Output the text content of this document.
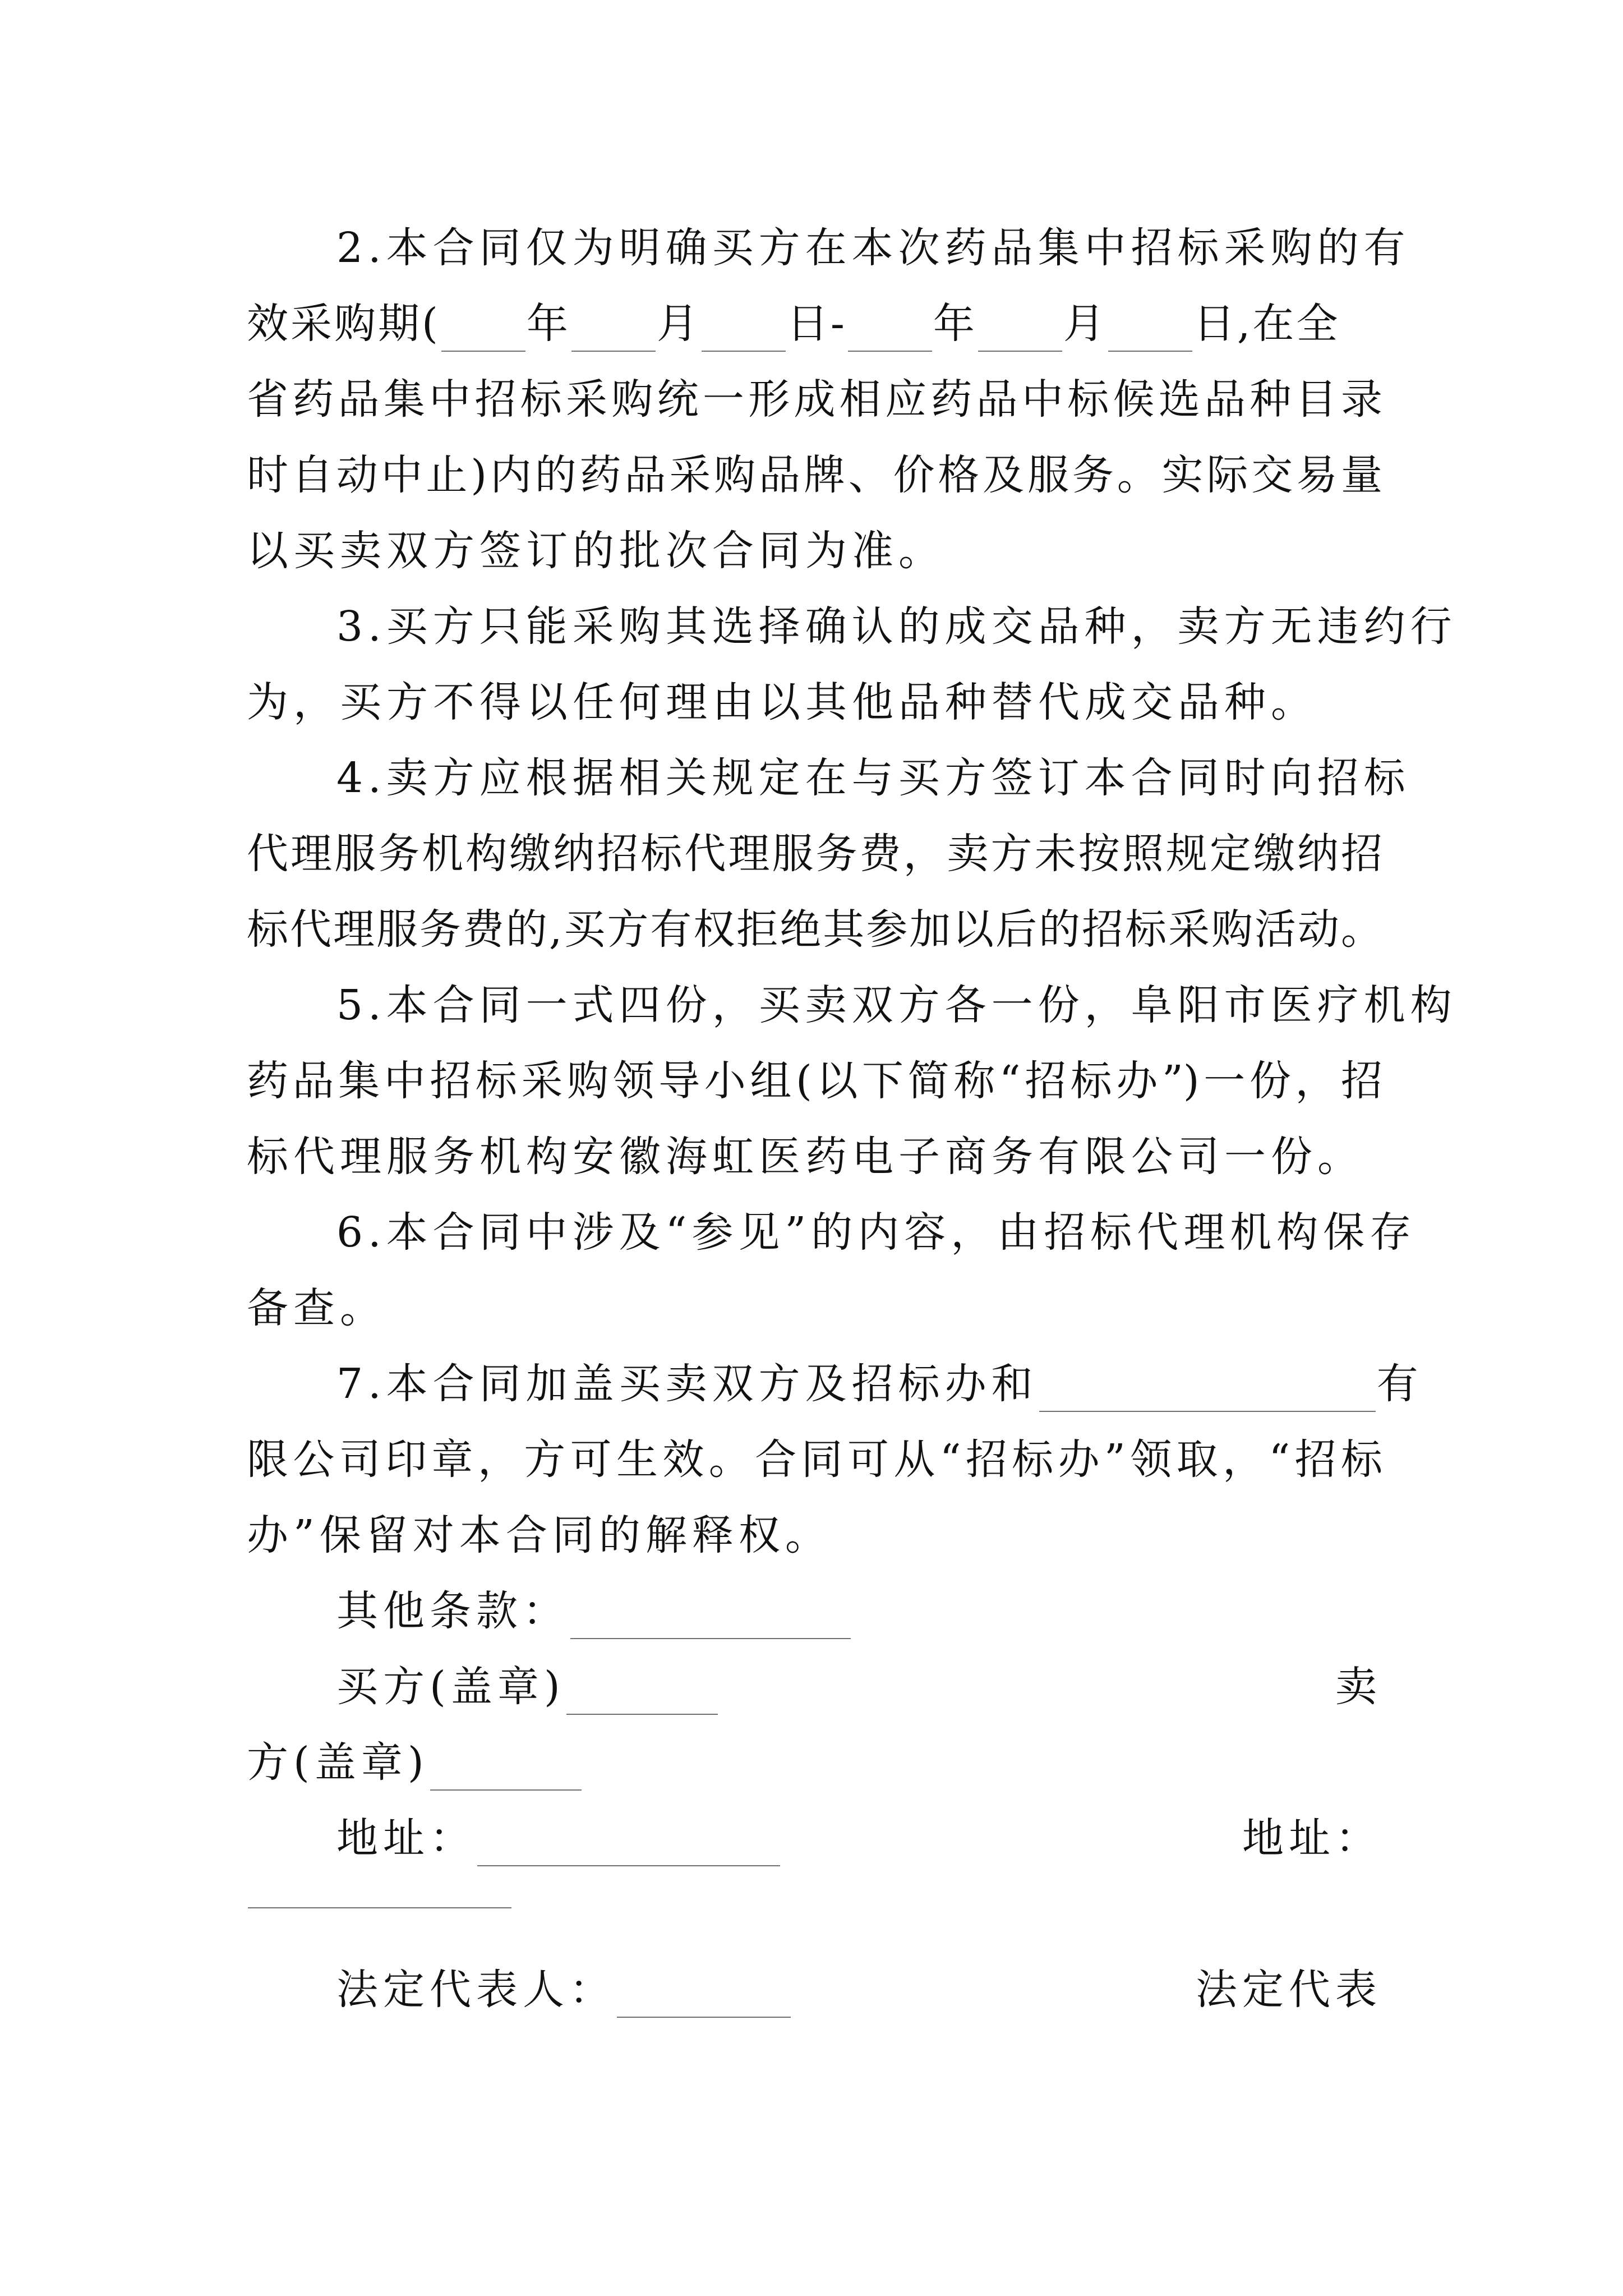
2.本合同仅为明确买方在本次药品集中招标采购的有
效采购期( 年 月 日- 年 月 日,在全
省药品集中招标采购统一形成相应药品中标候选品种目录
时自动中止)内的药品采购品牌、价格及服务。实际交易量
以买卖双方签订的批次合同为准。
3.买方只能采购其选择确认的成交品种，卖方无违约行
为，买方不得以任何理由以其他品种替代成交品种。
4.卖方应根据相关规定在与买方签订本合同时向招标
代理服务机构缴纳招标代理服务费，卖方未按照规定缴纳招
标代理服务费的,买方有权拒绝其参加以后的招标采购活动。
5.本合同一式四份，买卖双方各一份，阜阳市医疗机构
药品集中招标采购领导小组(以下简称“招标办”)一份，招
标代理服务机构安徽海虹医药电子商务有限公司一份。
6.本合同中涉及“参见”的内容，由招标代理机构保存
备查。
7.本合同加盖买卖双方及招标办和	有
限公司印章，方可生效。合同可从“招标办”领取，“招标
办”保留对本合同的解释权。
其他条款：
买方(盖章)	卖
方(盖章)
地址：	地址：
法定代表人：	法定代表
